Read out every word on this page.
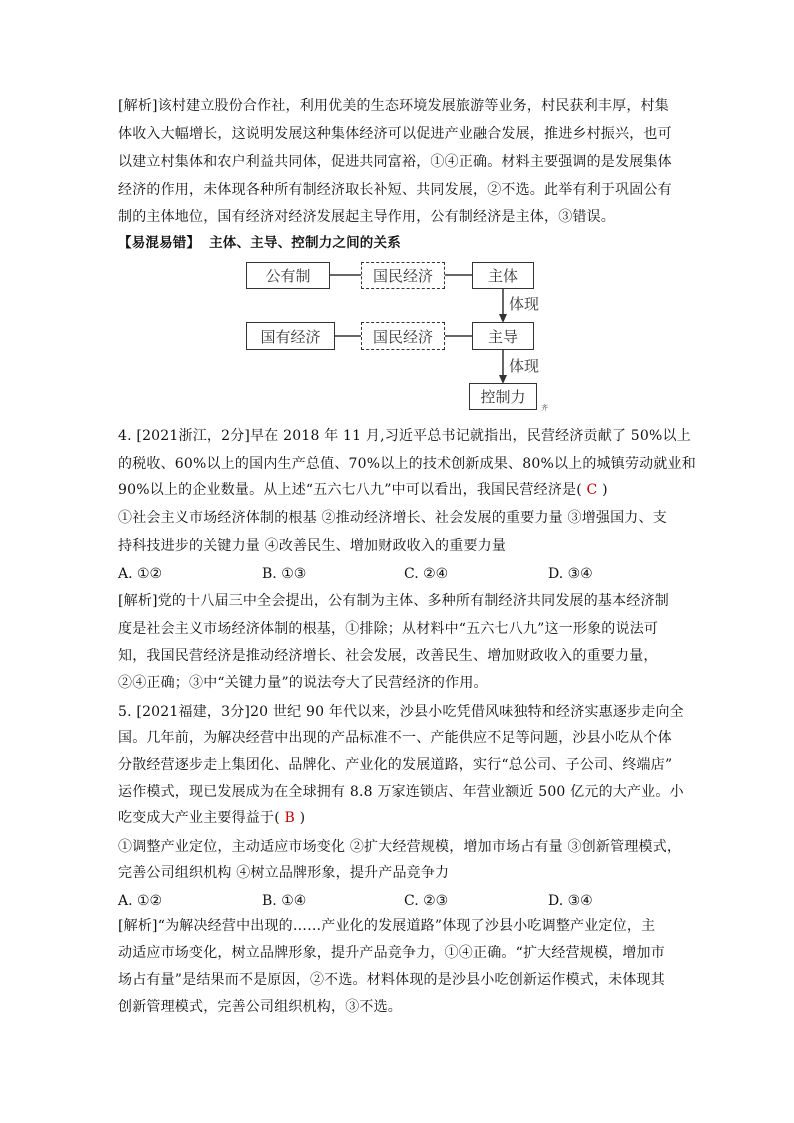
[解析]该村建立股份合作社，利用优美的生态环境发展旅游等业务，村民获利丰厚，村集
体收入大幅增长，这说明发展这种集体经济可以促进产业融合发展，推进乡村振兴，也可
以建立村集体和农户利益共同体，促进共同富裕，①④正确。材料主要强调的是发展集体
经济的作用，未体现各种所有制经济取长补短、共同发展，②不选。此举有利于巩固公有
制的主体地位，国有经济对经济发展起主导作用，公有制经济是主体，③错误。
【易混易错】 主体、主导、控制力之间的关系
公有制	国民经济	主体
体现
国有经济	国民经济	主导
体现
控制力
齐
4. [2021浙江，2分]早在 2018 年 11 月,习近平总书记就指出，民营经济贡献了 50%以上
的税收、60%以上的国内生产总值、70%以上的技术创新成果、80%以上的城镇劳动就业和
90%以上的企业数量。从上述“五六七八九”中可以看出，我国民营经济是( C )
①社会主义市场经济体制的根基 ②推动经济增长、社会发展的重要力量 ③增强国力、支
持科技进步的关键力量 ④改善民生、增加财政收入的重要力量
A. ①②	B. ①③	C. ②④	D. ③④
[解析]党的十八届三中全会提出，公有制为主体、多种所有制经济共同发展的基本经济制
度是社会主义市场经济体制的根基，①排除；从材料中“五六七八九”这一形象的说法可
知，我国民营经济是推动经济增长、社会发展，改善民生、增加财政收入的重要力量，
②④正确；③中“关键力量”的说法夸大了民营经济的作用。
5. [2021福建，3分]20 世纪 90 年代以来，沙县小吃凭借风味独特和经济实惠逐步走向全
国。几年前，为解决经营中出现的产品标准不一、产能供应不足等问题，沙县小吃从个体
分散经营逐步走上集团化、品牌化、产业化的发展道路，实行“总公司、子公司、终端店”
运作模式，现已发展成为在全球拥有 8.8 万家连锁店、年营业额近 500 亿元的大产业。小
吃变成大产业主要得益于( B )
①调整产业定位，主动适应市场变化 ②扩大经营规模，增加市场占有量 ③创新管理模式，
完善公司组织机构 ④树立品牌形象，提升产品竞争力
A. ①②	B. ①④	C. ②③	D. ③④
[解析]“为解决经营中出现的……产业化的发展道路”体现了沙县小吃调整产业定位，主
动适应市场变化，树立品牌形象，提升产品竞争力，①④正确。“扩大经营规模，增加市
场占有量”是结果而不是原因，②不选。材料体现的是沙县小吃创新运作模式，未体现其
创新管理模式，完善公司组织机构，③不选。
